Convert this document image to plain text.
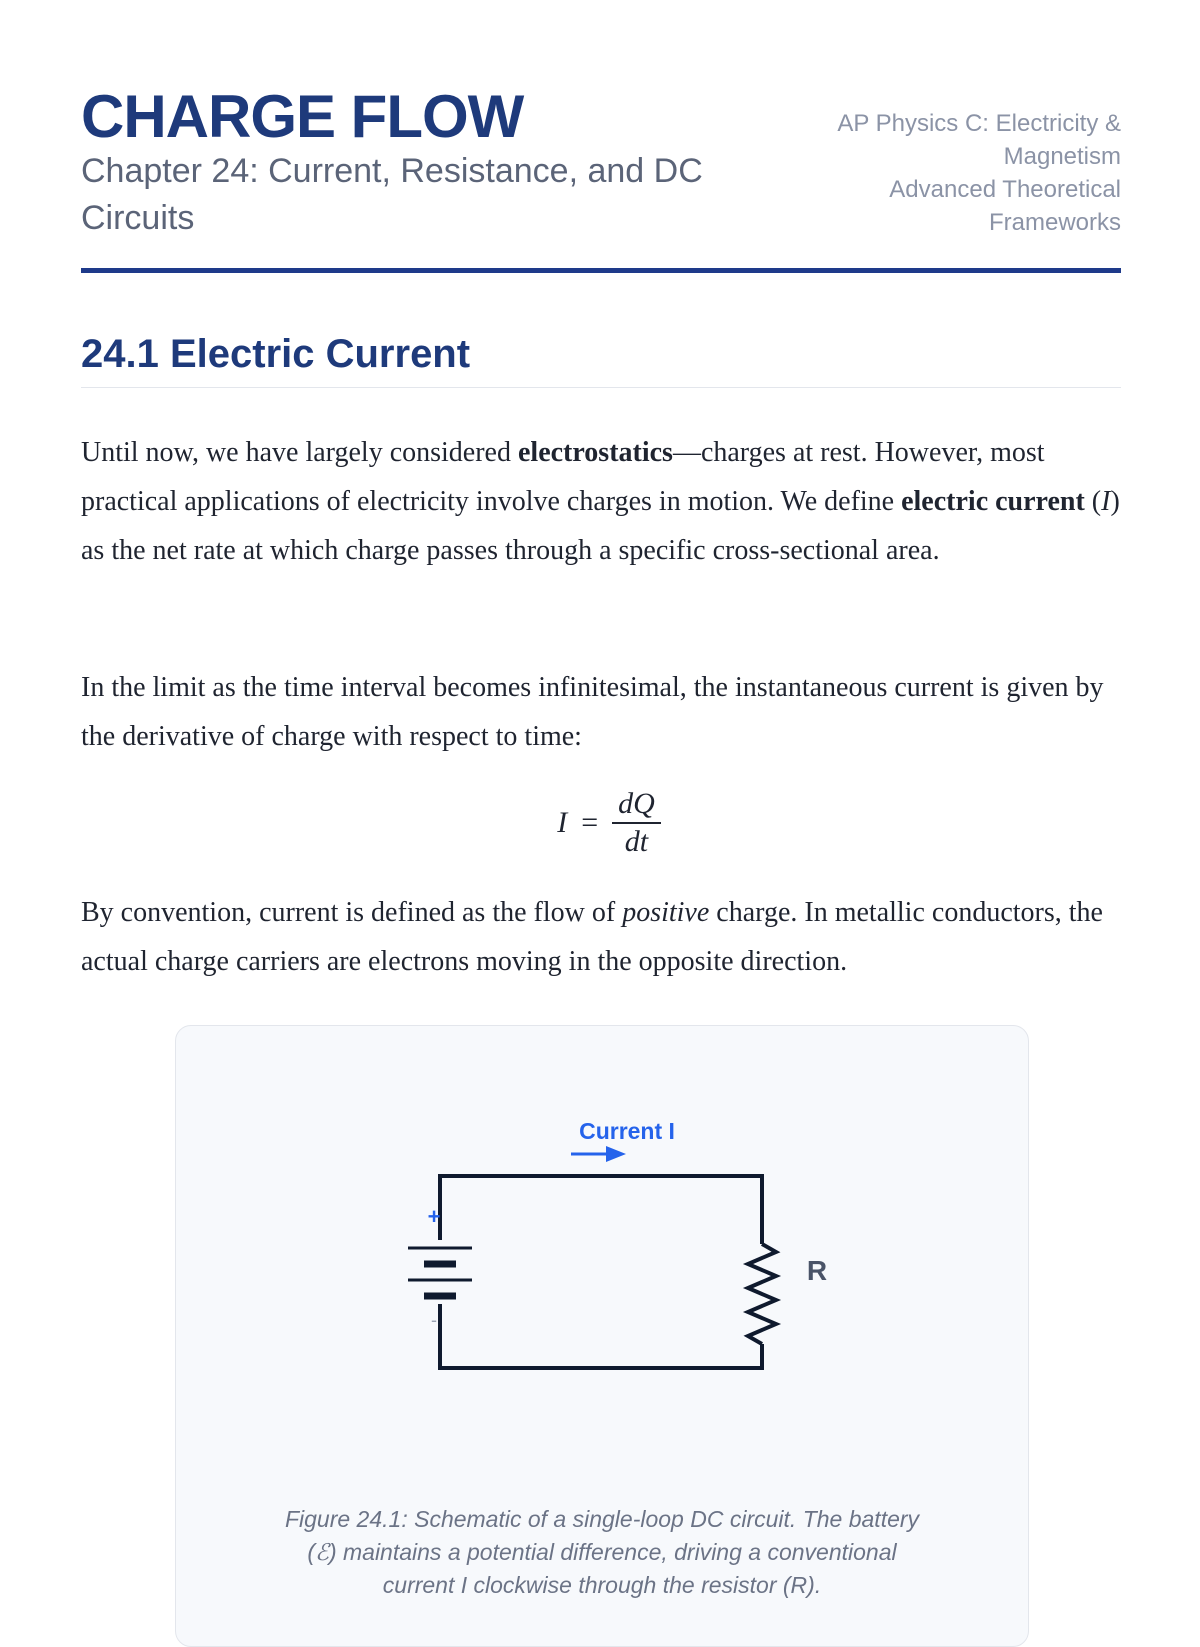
CHARGE FLOW
Chapter 24: Current, Resistance, and DC Circuits
AP Physics C: Electricity & Magnetism
Advanced Theoretical Frameworks
24.1 Electric Current

Until now, we have largely considered electrostatics—charges at rest. However, most practical applications of electricity involve charges in motion. We define electric current (I) as the net rate at which charge passes through a specific cross-sectional area.

In the limit as the time interval becomes infinitesimal, the instantaneous current is given by the derivative of charge with respect to time:

$I = \frac{dQ}{dt}$

By convention, current is defined as the flow of positive charge. In metallic conductors, the actual charge carriers are electrons moving in the opposite direction.

Current I
+
-
R
Figure 24.1: Schematic of a single-loop DC circuit. The battery (ℰ) maintains a potential difference, driving a conventional current I clockwise through the resistor (R).
